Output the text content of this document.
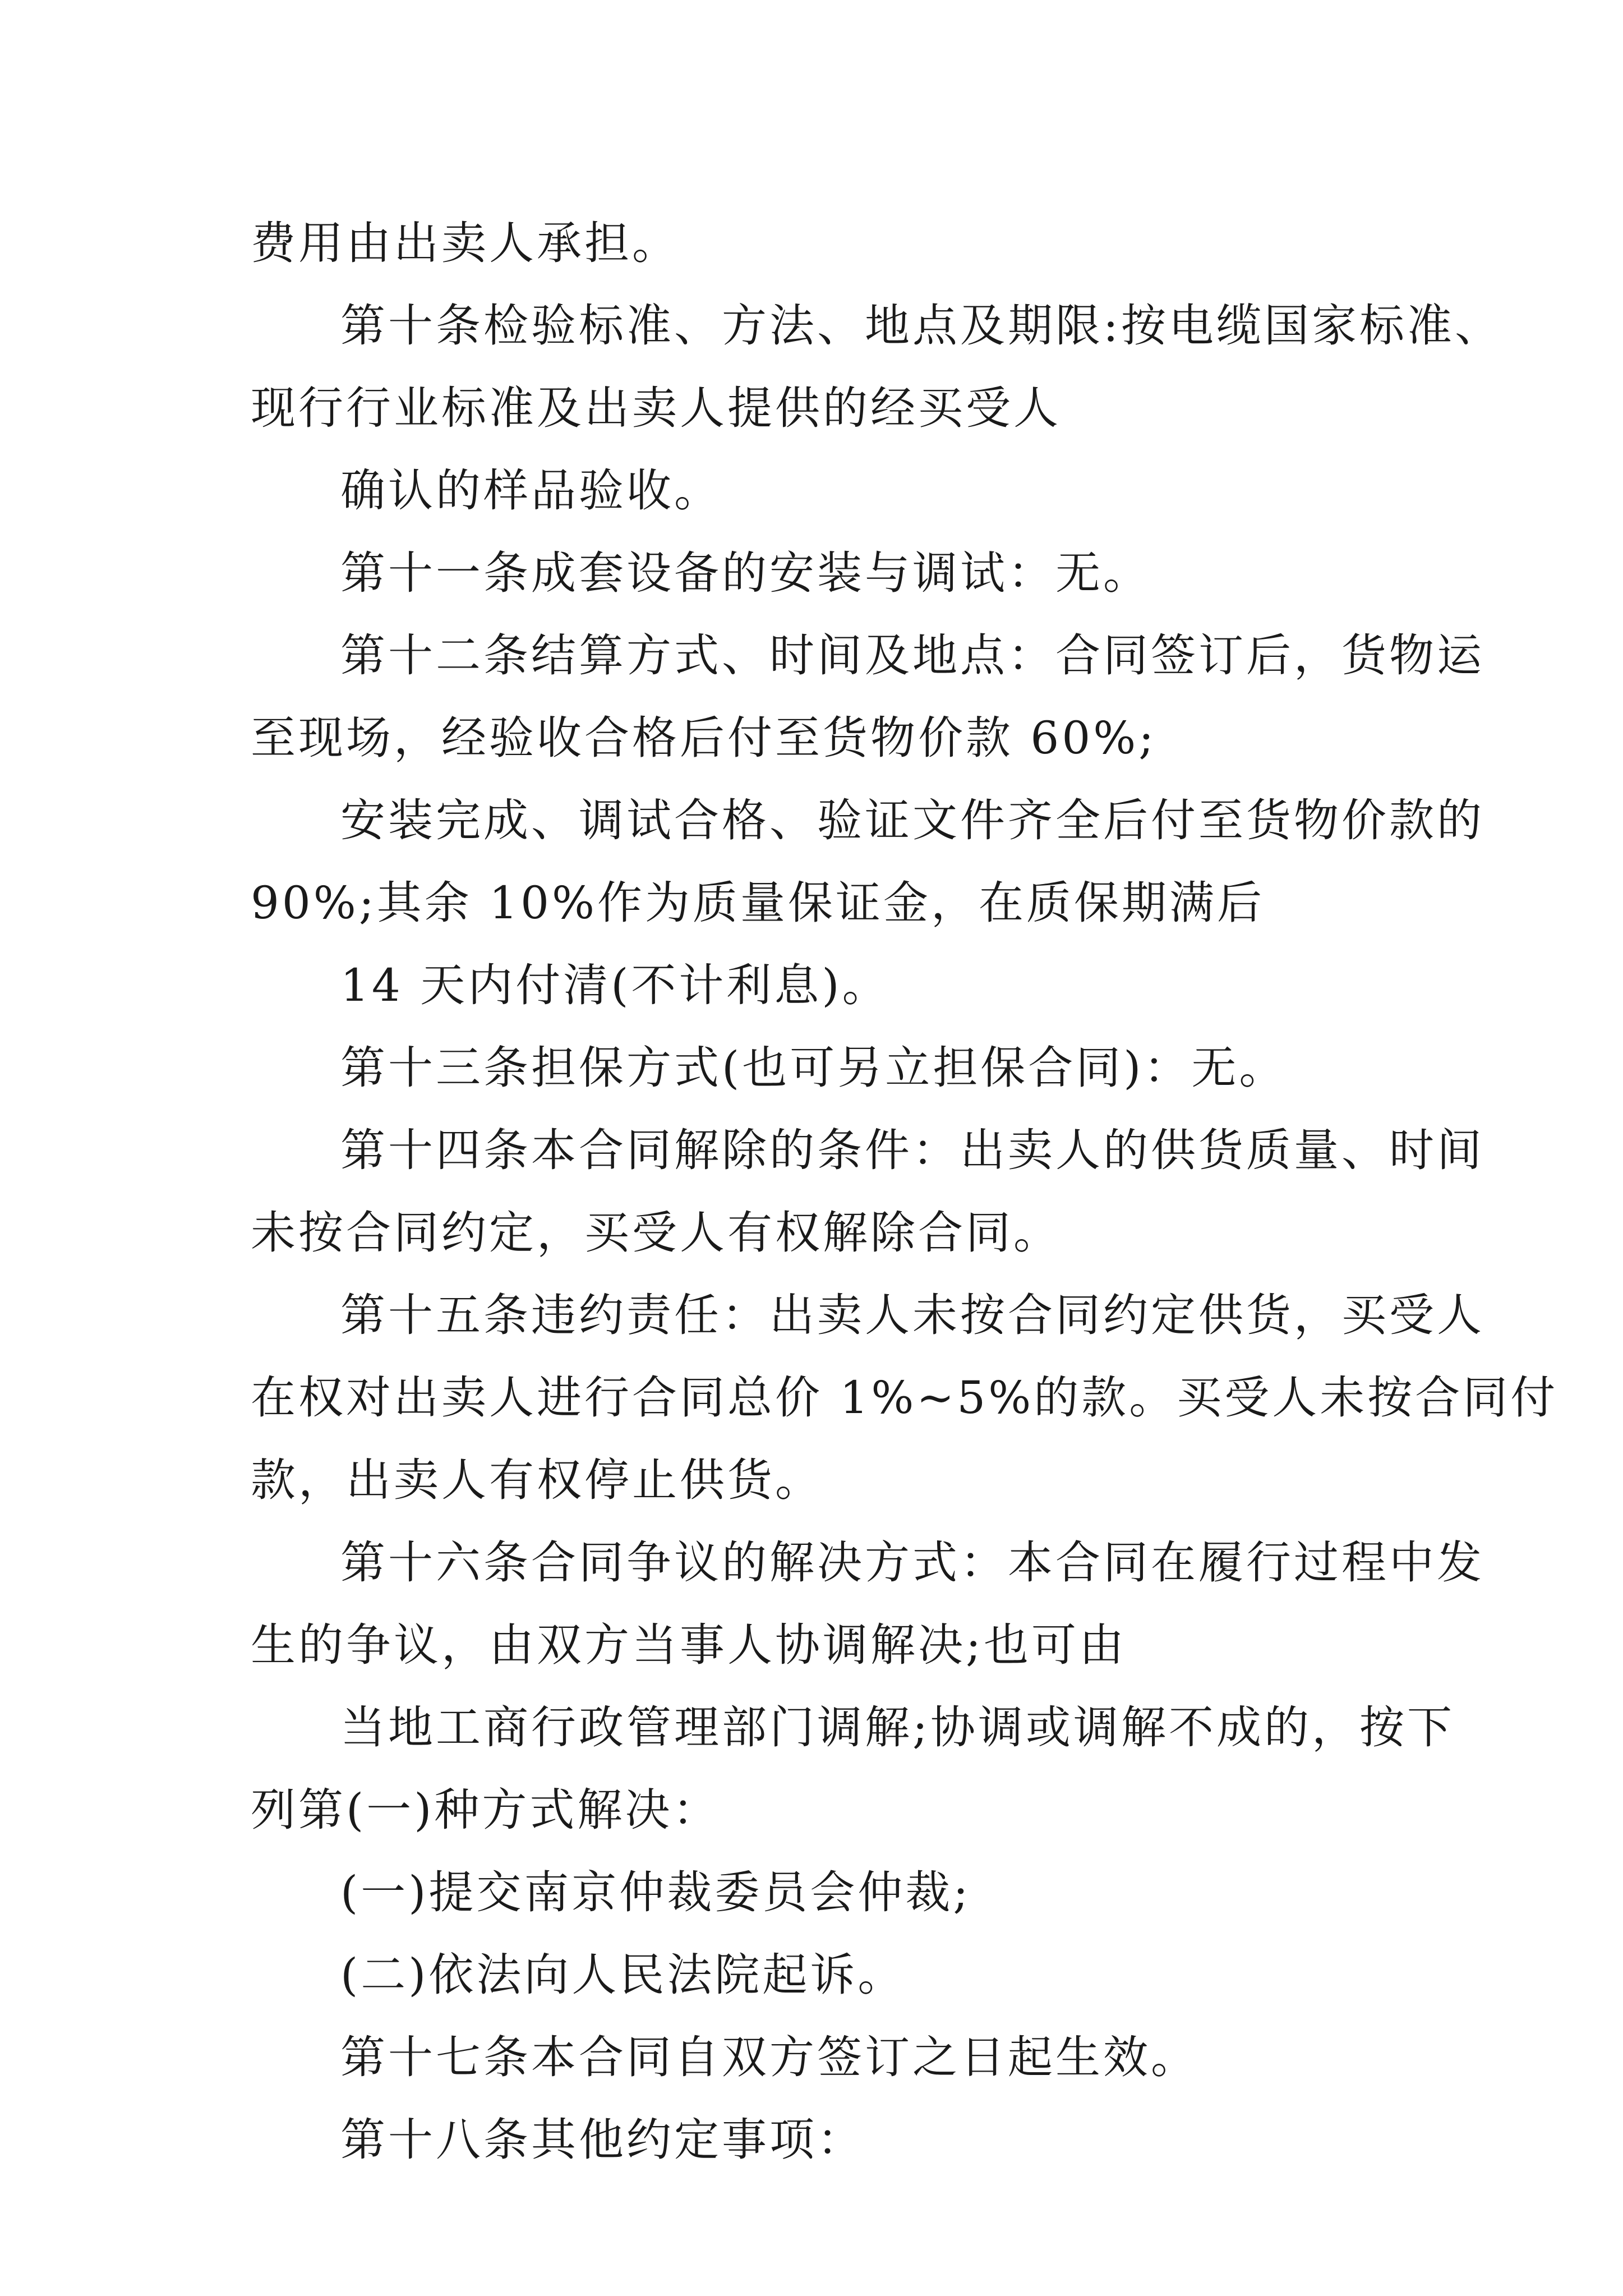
费用由出卖人承担。
第十条检验标准、方法、地点及期限:按电缆国家标准、
现行行业标准及出卖人提供的经买受人
确认的样品验收。
第十一条成套设备的安装与调试：无。
第十二条结算方式、时间及地点：合同签订后，货物运
至现场，经验收合格后付至货物价款 60%;
安装完成、调试合格、验证文件齐全后付至货物价款的
90%;其余 10%作为质量保证金，在质保期满后
14 天内付清(不计利息)。
第十三条担保方式(也可另立担保合同)：无。
第十四条本合同解除的条件：出卖人的供货质量、时间
未按合同约定，买受人有权解除合同。
第十五条违约责任：出卖人未按合同约定供货，买受人
在权对出卖人进行合同总价 1%~5%的款。买受人未按合同付
款，出卖人有权停止供货。
第十六条合同争议的解决方式：本合同在履行过程中发
生的争议，由双方当事人协调解决;也可由
当地工商行政管理部门调解;协调或调解不成的，按下
列第(一)种方式解决：
(一)提交南京仲裁委员会仲裁;
(二)依法向人民法院起诉。
第十七条本合同自双方签订之日起生效。
第十八条其他约定事项：
